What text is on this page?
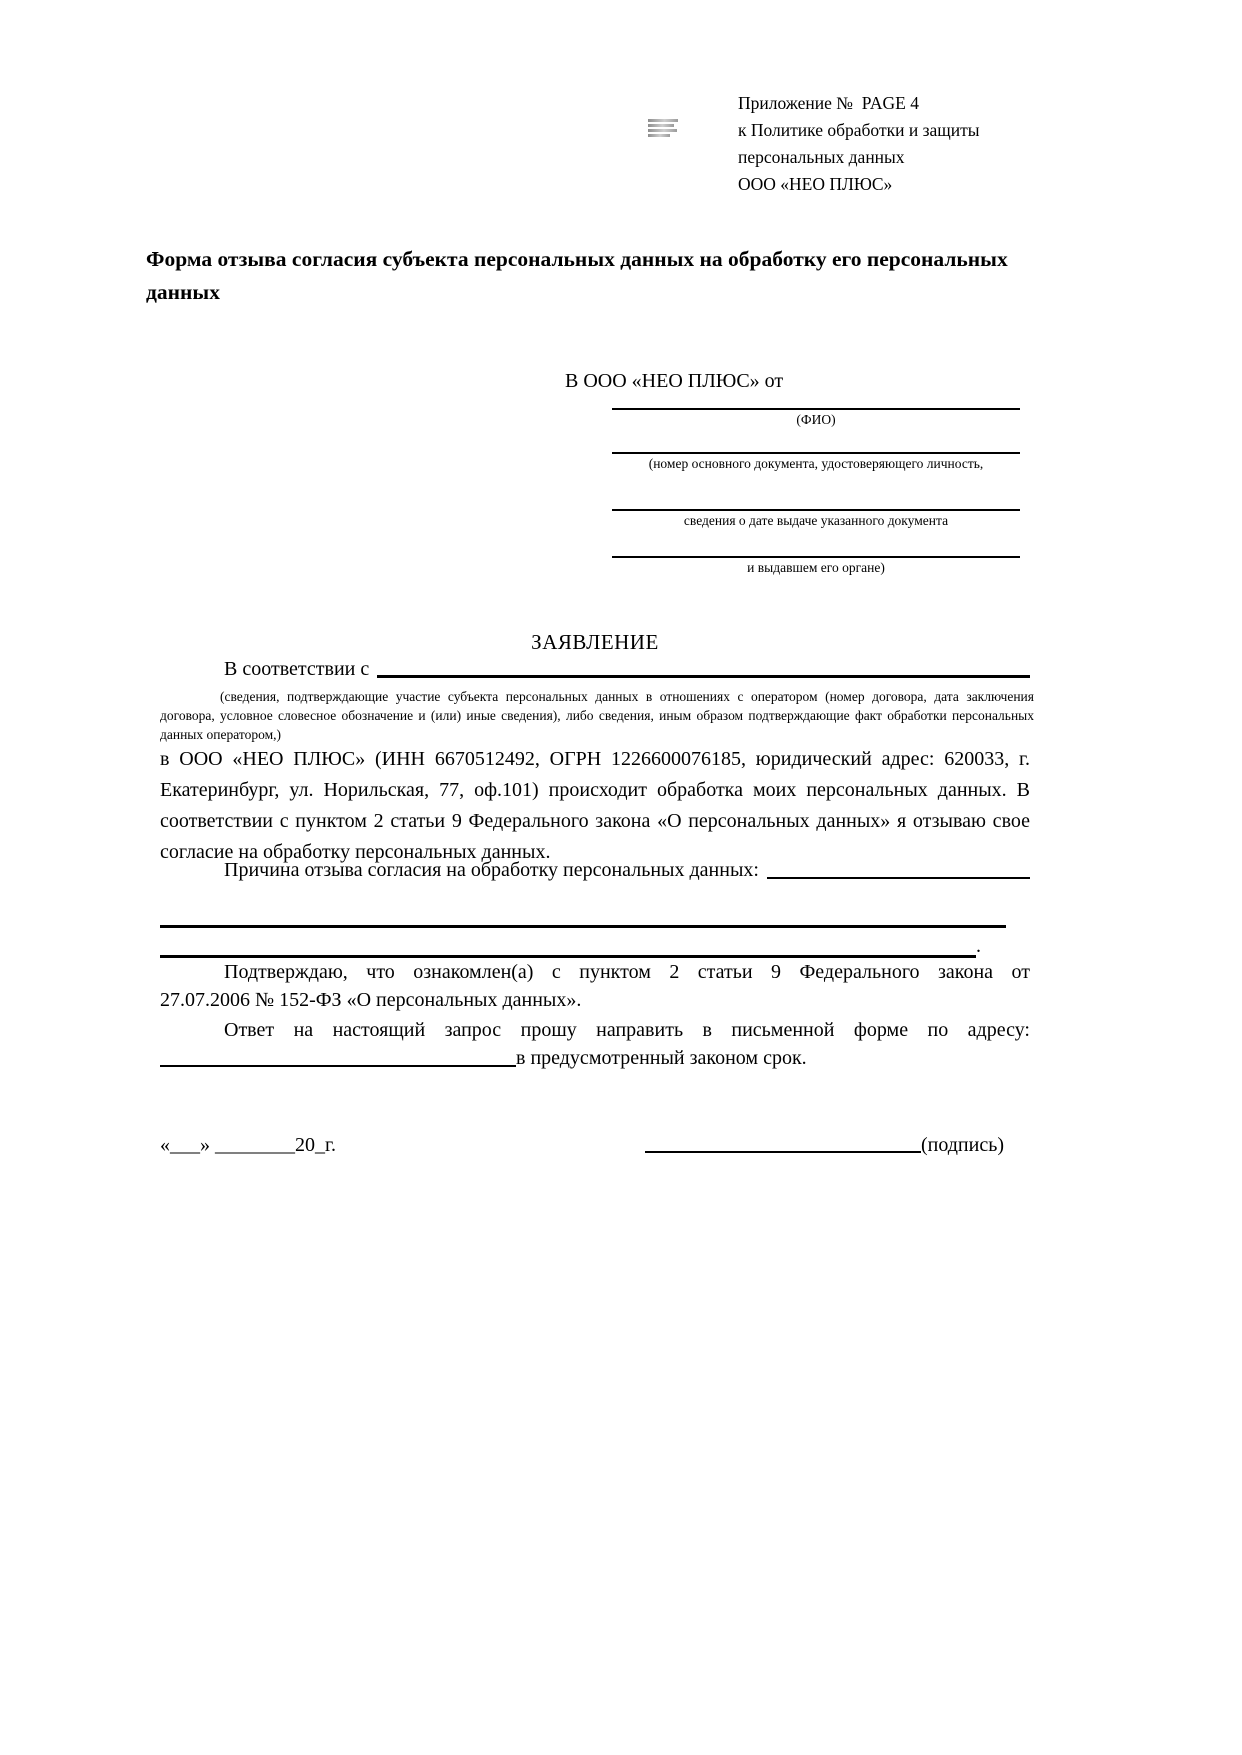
Приложение №  PAGE 4
к Политике обработки и защиты
персональных данных
ООО «НЕО ПЛЮС»
Форма отзыва согласия субъекта персональных данных на обработку его персональных данных
В ООО «НЕО ПЛЮС» от
(ФИО)
(номер основного документа, удостоверяющего личность,
сведения о дате выдаче указанного документа
и выдавшем его органе)
ЗАЯВЛЕНИЕ
В соответствии с
(сведения, подтверждающие участие субъекта персональных данных в отношениях с оператором (номер договора, дата заключения договора, условное словесное обозначение и (или) иные сведения), либо сведения, иным образом подтверждающие факт обработки персональных данных оператором,)
в ООО «НЕО ПЛЮС» (ИНН 6670512492, ОГРН 1226600076185, юридический адрес: 620033, г. Екатеринбург, ул. Норильская, 77, оф.101) происходит обработка моих персональных данных. В соответствии с пунктом 2 статьи 9 Федерального закона «О персональных данных» я отзываю свое согласие на обработку персональных данных.
Причина отзыва согласия на обработку персональных данных:
.
Подтверждаю, что ознакомлен(а) с пунктом 2 статьи 9 Федерального закона от
27.07.2006 № 152-ФЗ «О персональных данных».
Ответ на настоящий запрос прошу направить в письменной форме по адресу:
в предусмотренный законом срок.
«___» ________20_г.	(подпись)
